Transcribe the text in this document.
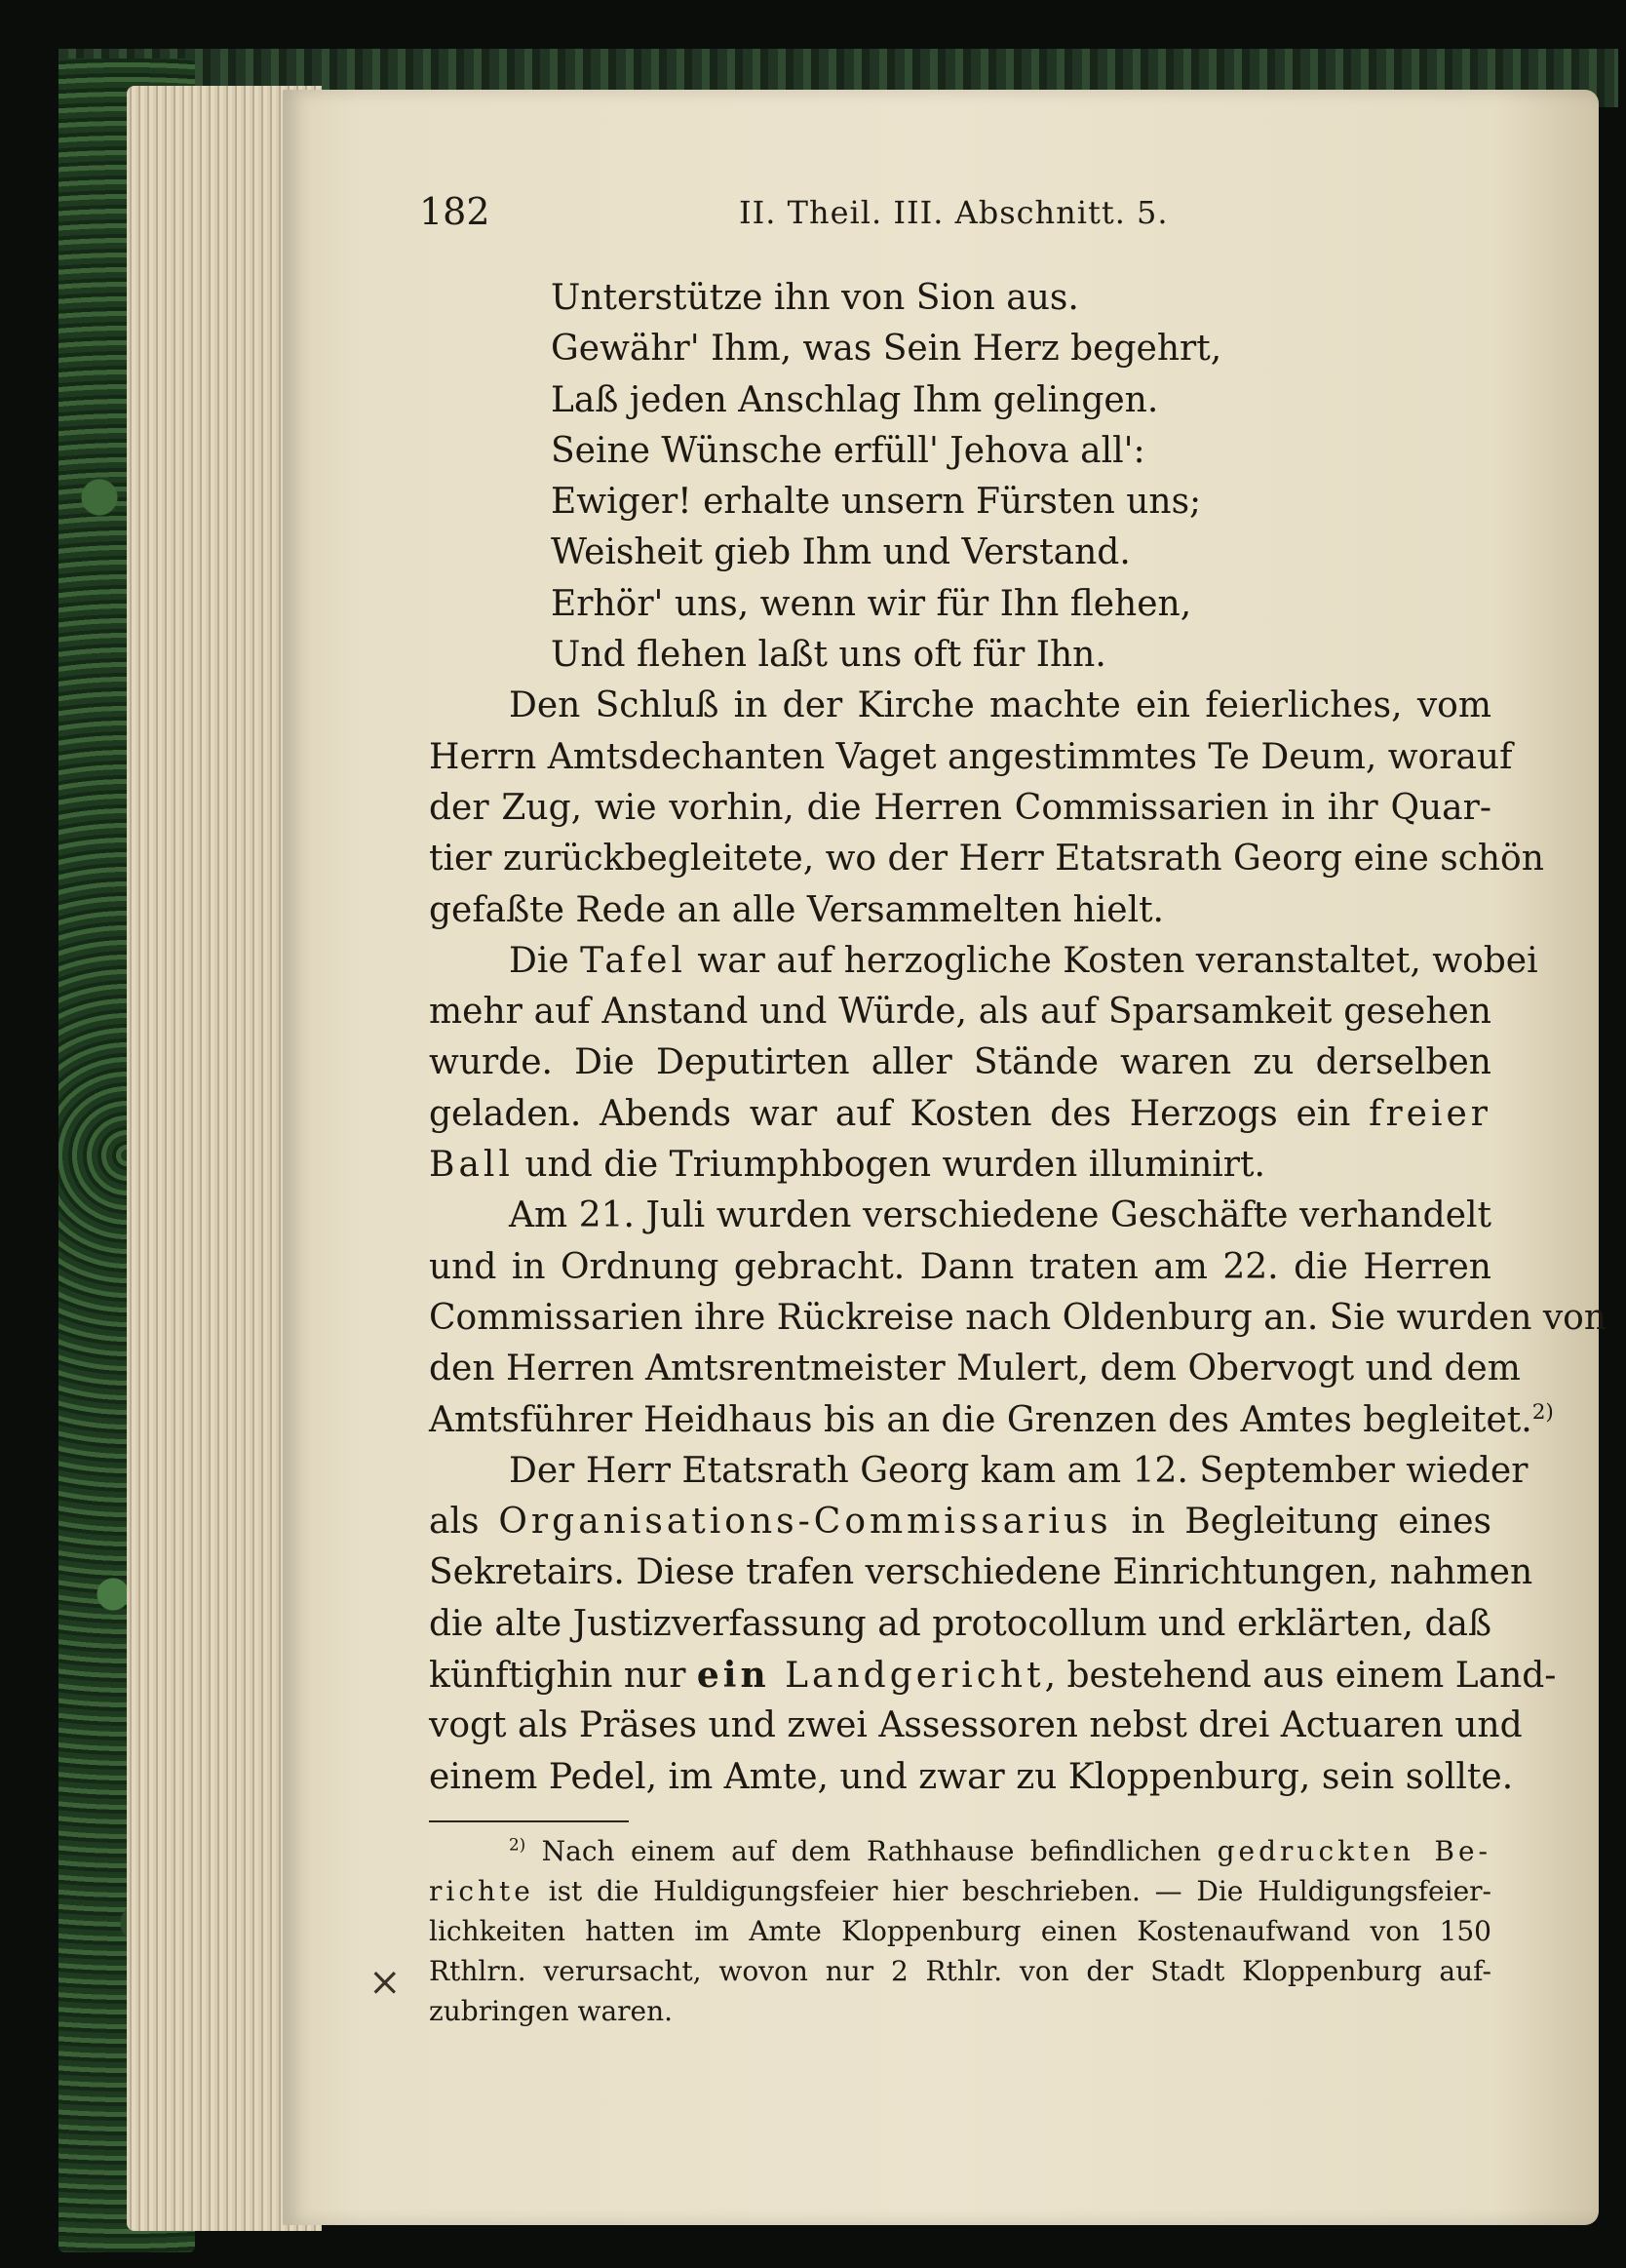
182	II. Theil. III. Abschnitt. 5.
Unterstütze ihn von Sion aus.
Gewähr' Ihm, was Sein Herz begehrt,
Laß jeden Anschlag Ihm gelingen.
Seine Wünsche erfüll' Jehova all':
Ewiger! erhalte unsern Fürsten uns;
Weisheit gieb Ihm und Verstand.
Erhör' uns, wenn wir für Ihn flehen,
Und flehen laßt uns oft für Ihn.
Den Schluß in der Kirche machte ein feierliches, vom
Herrn Amtsdechanten Vaget angestimmtes Te Deum, worauf
der Zug, wie vorhin, die Herren Commissarien in ihr Quar-
tier zurückbegleitete, wo der Herr Etatsrath Georg eine schön
gefaßte Rede an alle Versammelten hielt.
Die Tafel war auf herzogliche Kosten veranstaltet, wobei
mehr auf Anstand und Würde, als auf Sparsamkeit gesehen
wurde. Die Deputirten aller Stände waren zu derselben
geladen. Abends war auf Kosten des Herzogs ein freier
Ball und die Triumphbogen wurden illuminirt.
Am 21. Juli wurden verschiedene Geschäfte verhandelt
und in Ordnung gebracht. Dann traten am 22. die Herren
Commissarien ihre Rückreise nach Oldenburg an. Sie wurden von
den Herren Amtsrentmeister Mulert, dem Obervogt und dem
Amtsführer Heidhaus bis an die Grenzen des Amtes begleitet.$^{2)}$
Der Herr Etatsrath Georg kam am 12. September wieder
als Organisations-Commissarius in Begleitung eines
Sekretairs. Diese trafen verschiedene Einrichtungen, nahmen
die alte Justizverfassung ad protocollum und erklärten, daß
künftighin nur ein Landgericht, bestehend aus einem Land-
vogt als Präses und zwei Assessoren nebst drei Actuaren und
einem Pedel, im Amte, und zwar zu Kloppenburg, sein sollte.
$^{2)}$ Nach einem auf dem Rathhause befindlichen gedruckten Be-
richte ist die Huldigungsfeier hier beschrieben. — Die Huldigungsfeier-
lichkeiten hatten im Amte Kloppenburg einen Kostenaufwand von 150
Rthlrn. verursacht, wovon nur 2 Rthlr. von der Stadt Kloppenburg auf-
zubringen waren.
×
